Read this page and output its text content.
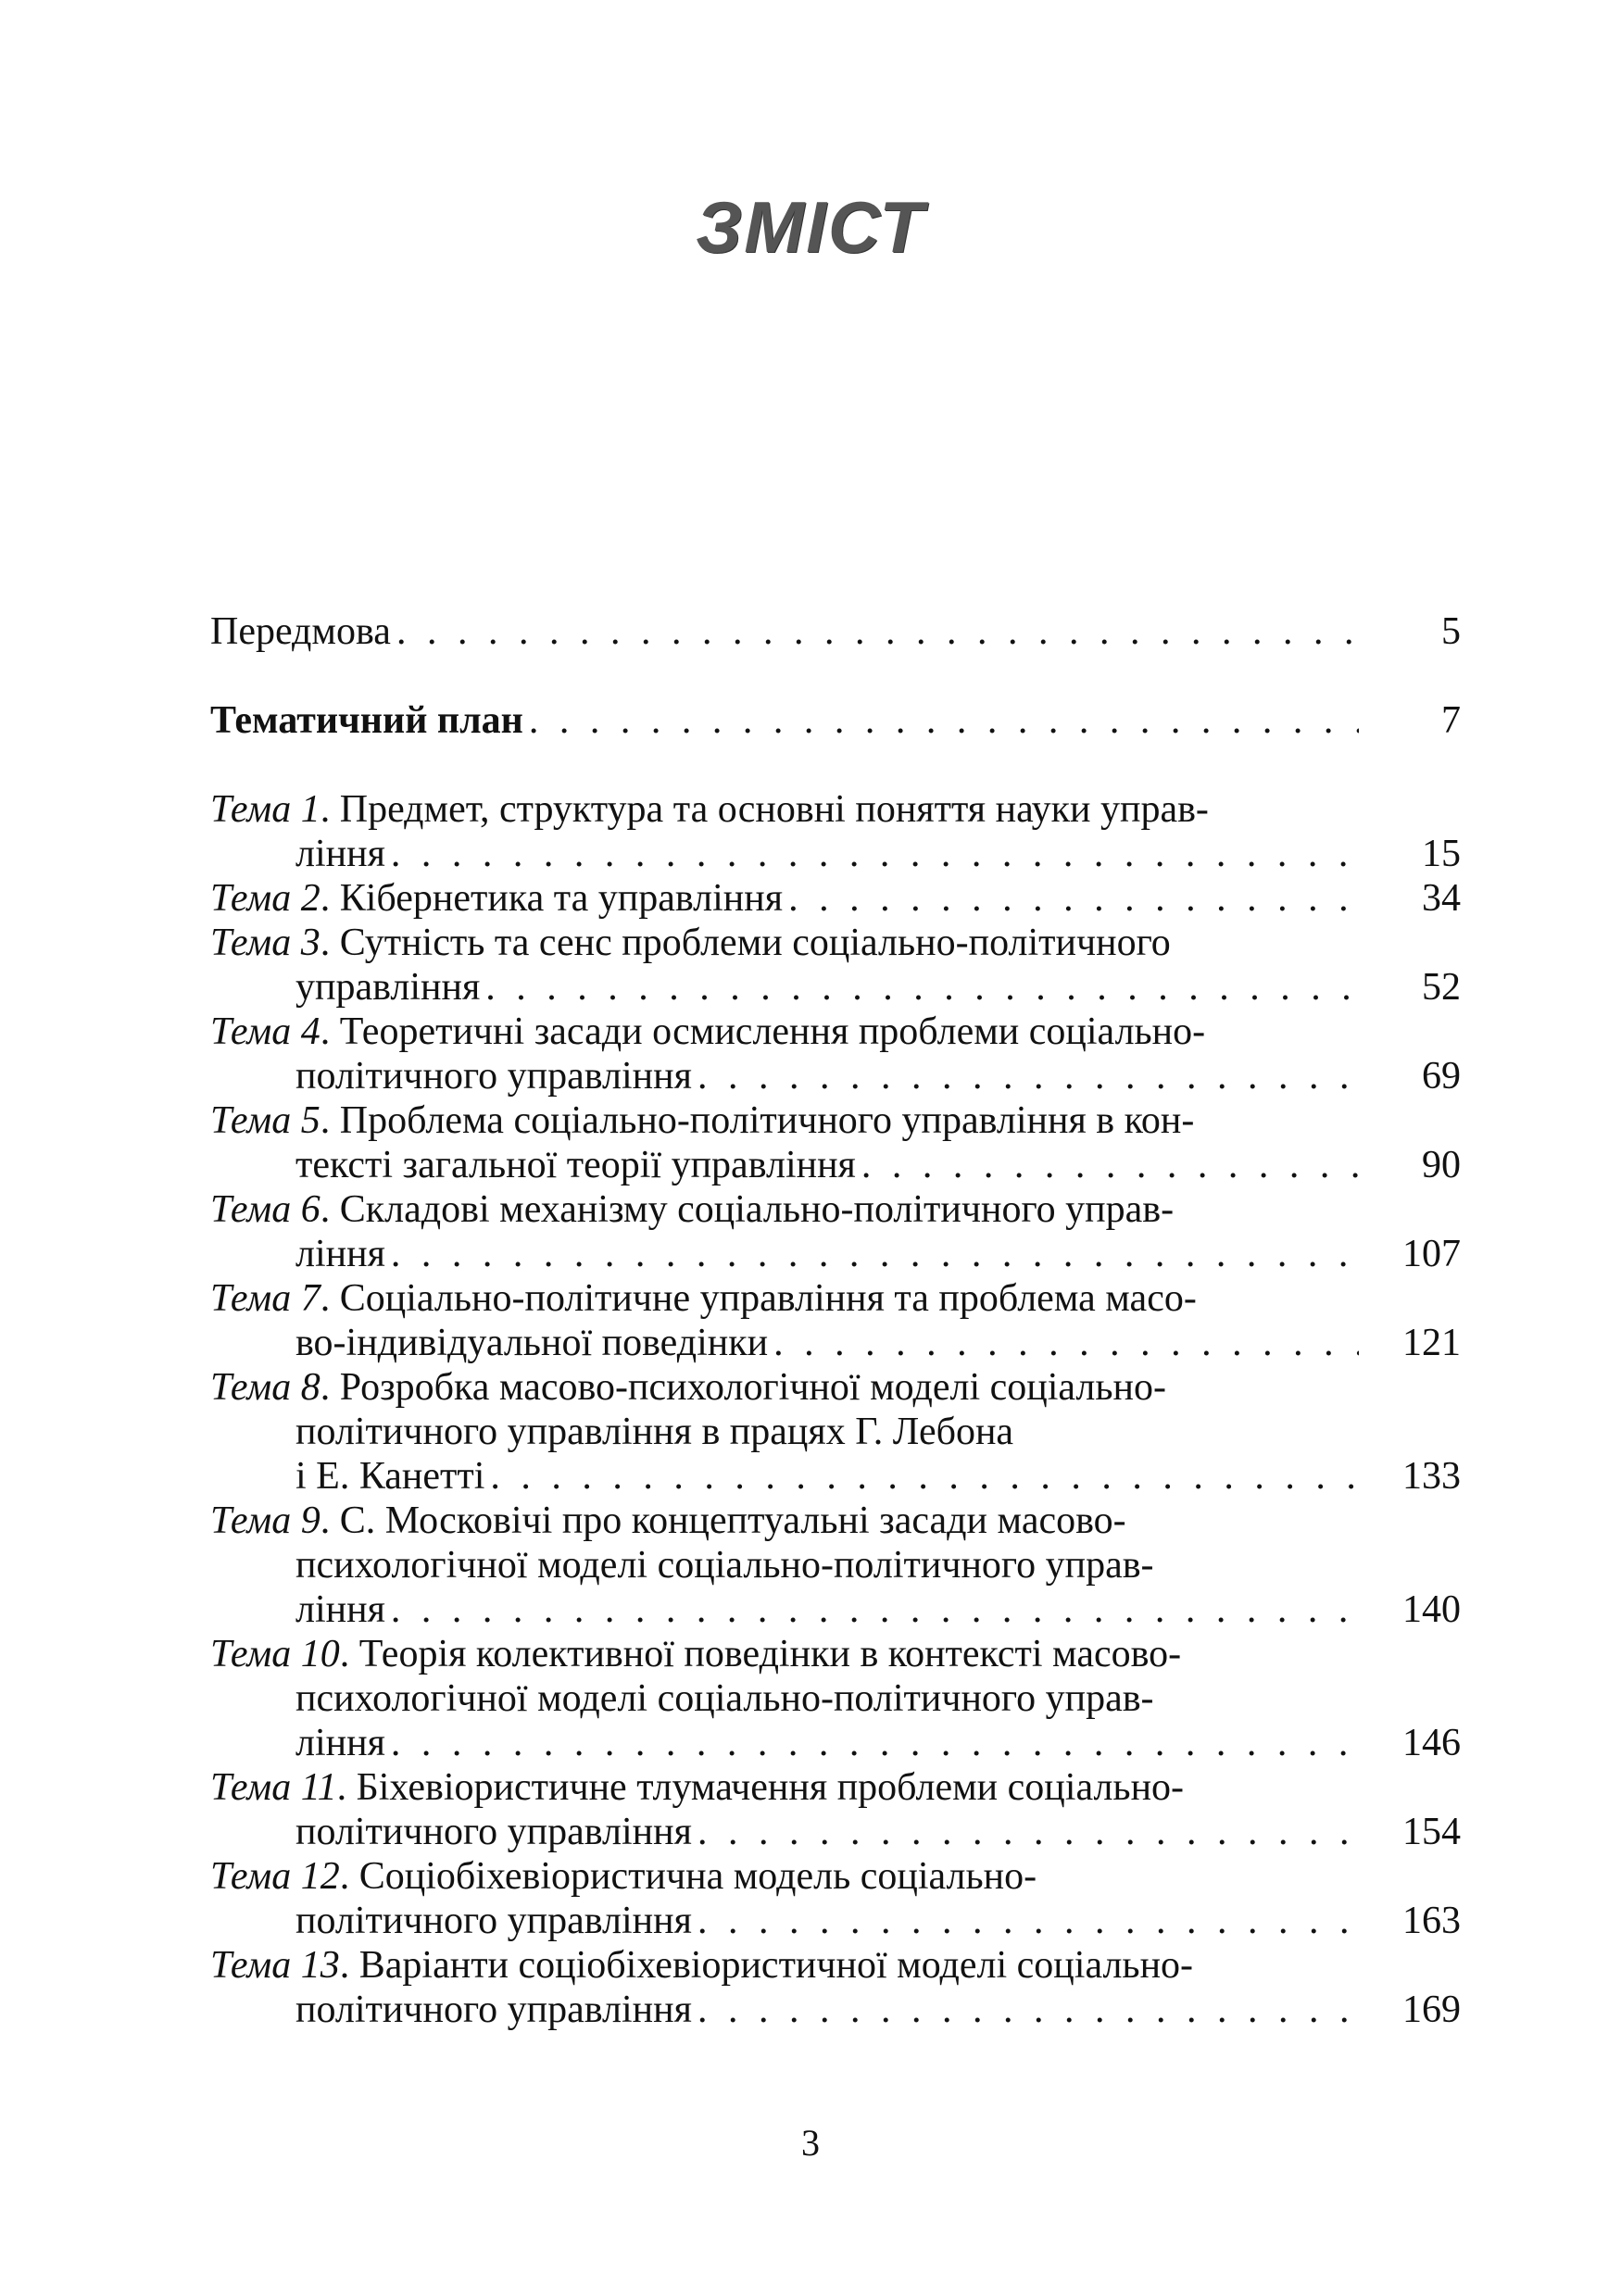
ЗМІСТ
Передмова . . .	5
Тематичний план . . .	7
Тема 1. Предмет, структура та основні поняття науки управ-
ління . . .	15
Тема 2. Кібернетика та управління . . .	34
Тема 3. Сутність та сенс проблеми соціально-політичного
управління . . .	52
Тема 4. Теоретичні засади осмислення проблеми соціально-
політичного управління . . .	69
Тема 5. Проблема соціально-політичного управління в кон-
тексті загальної теорії управління . . .	90
Тема 6. Складові механізму соціально-політичного управ-
ління . . .	107
Тема 7. Соціально-політичне управління та проблема масо-
во-індивідуальної поведінки . . .	121
Тема 8. Розробка масово-психологічної моделі соціально-
політичного управління в працях Г. Лебона
і Е. Канетті . . .	133
Тема 9. С. Московічі про концептуальні засади масово-
психологічної моделі соціально-політичного управ-
ління . . .	140
Тема 10. Теорія колективної поведінки в контексті масово-
психологічної моделі соціально-політичного управ-
ління . . .	146
Тема 11. Біхевіористичне тлумачення проблеми соціально-
політичного управління . . .	154
Тема 12. Соціобіхевіористична модель соціально-
політичного управління . . .	163
Тема 13. Варіанти соціобіхевіористичної моделі соціально-
політичного управління . . .	169
3
